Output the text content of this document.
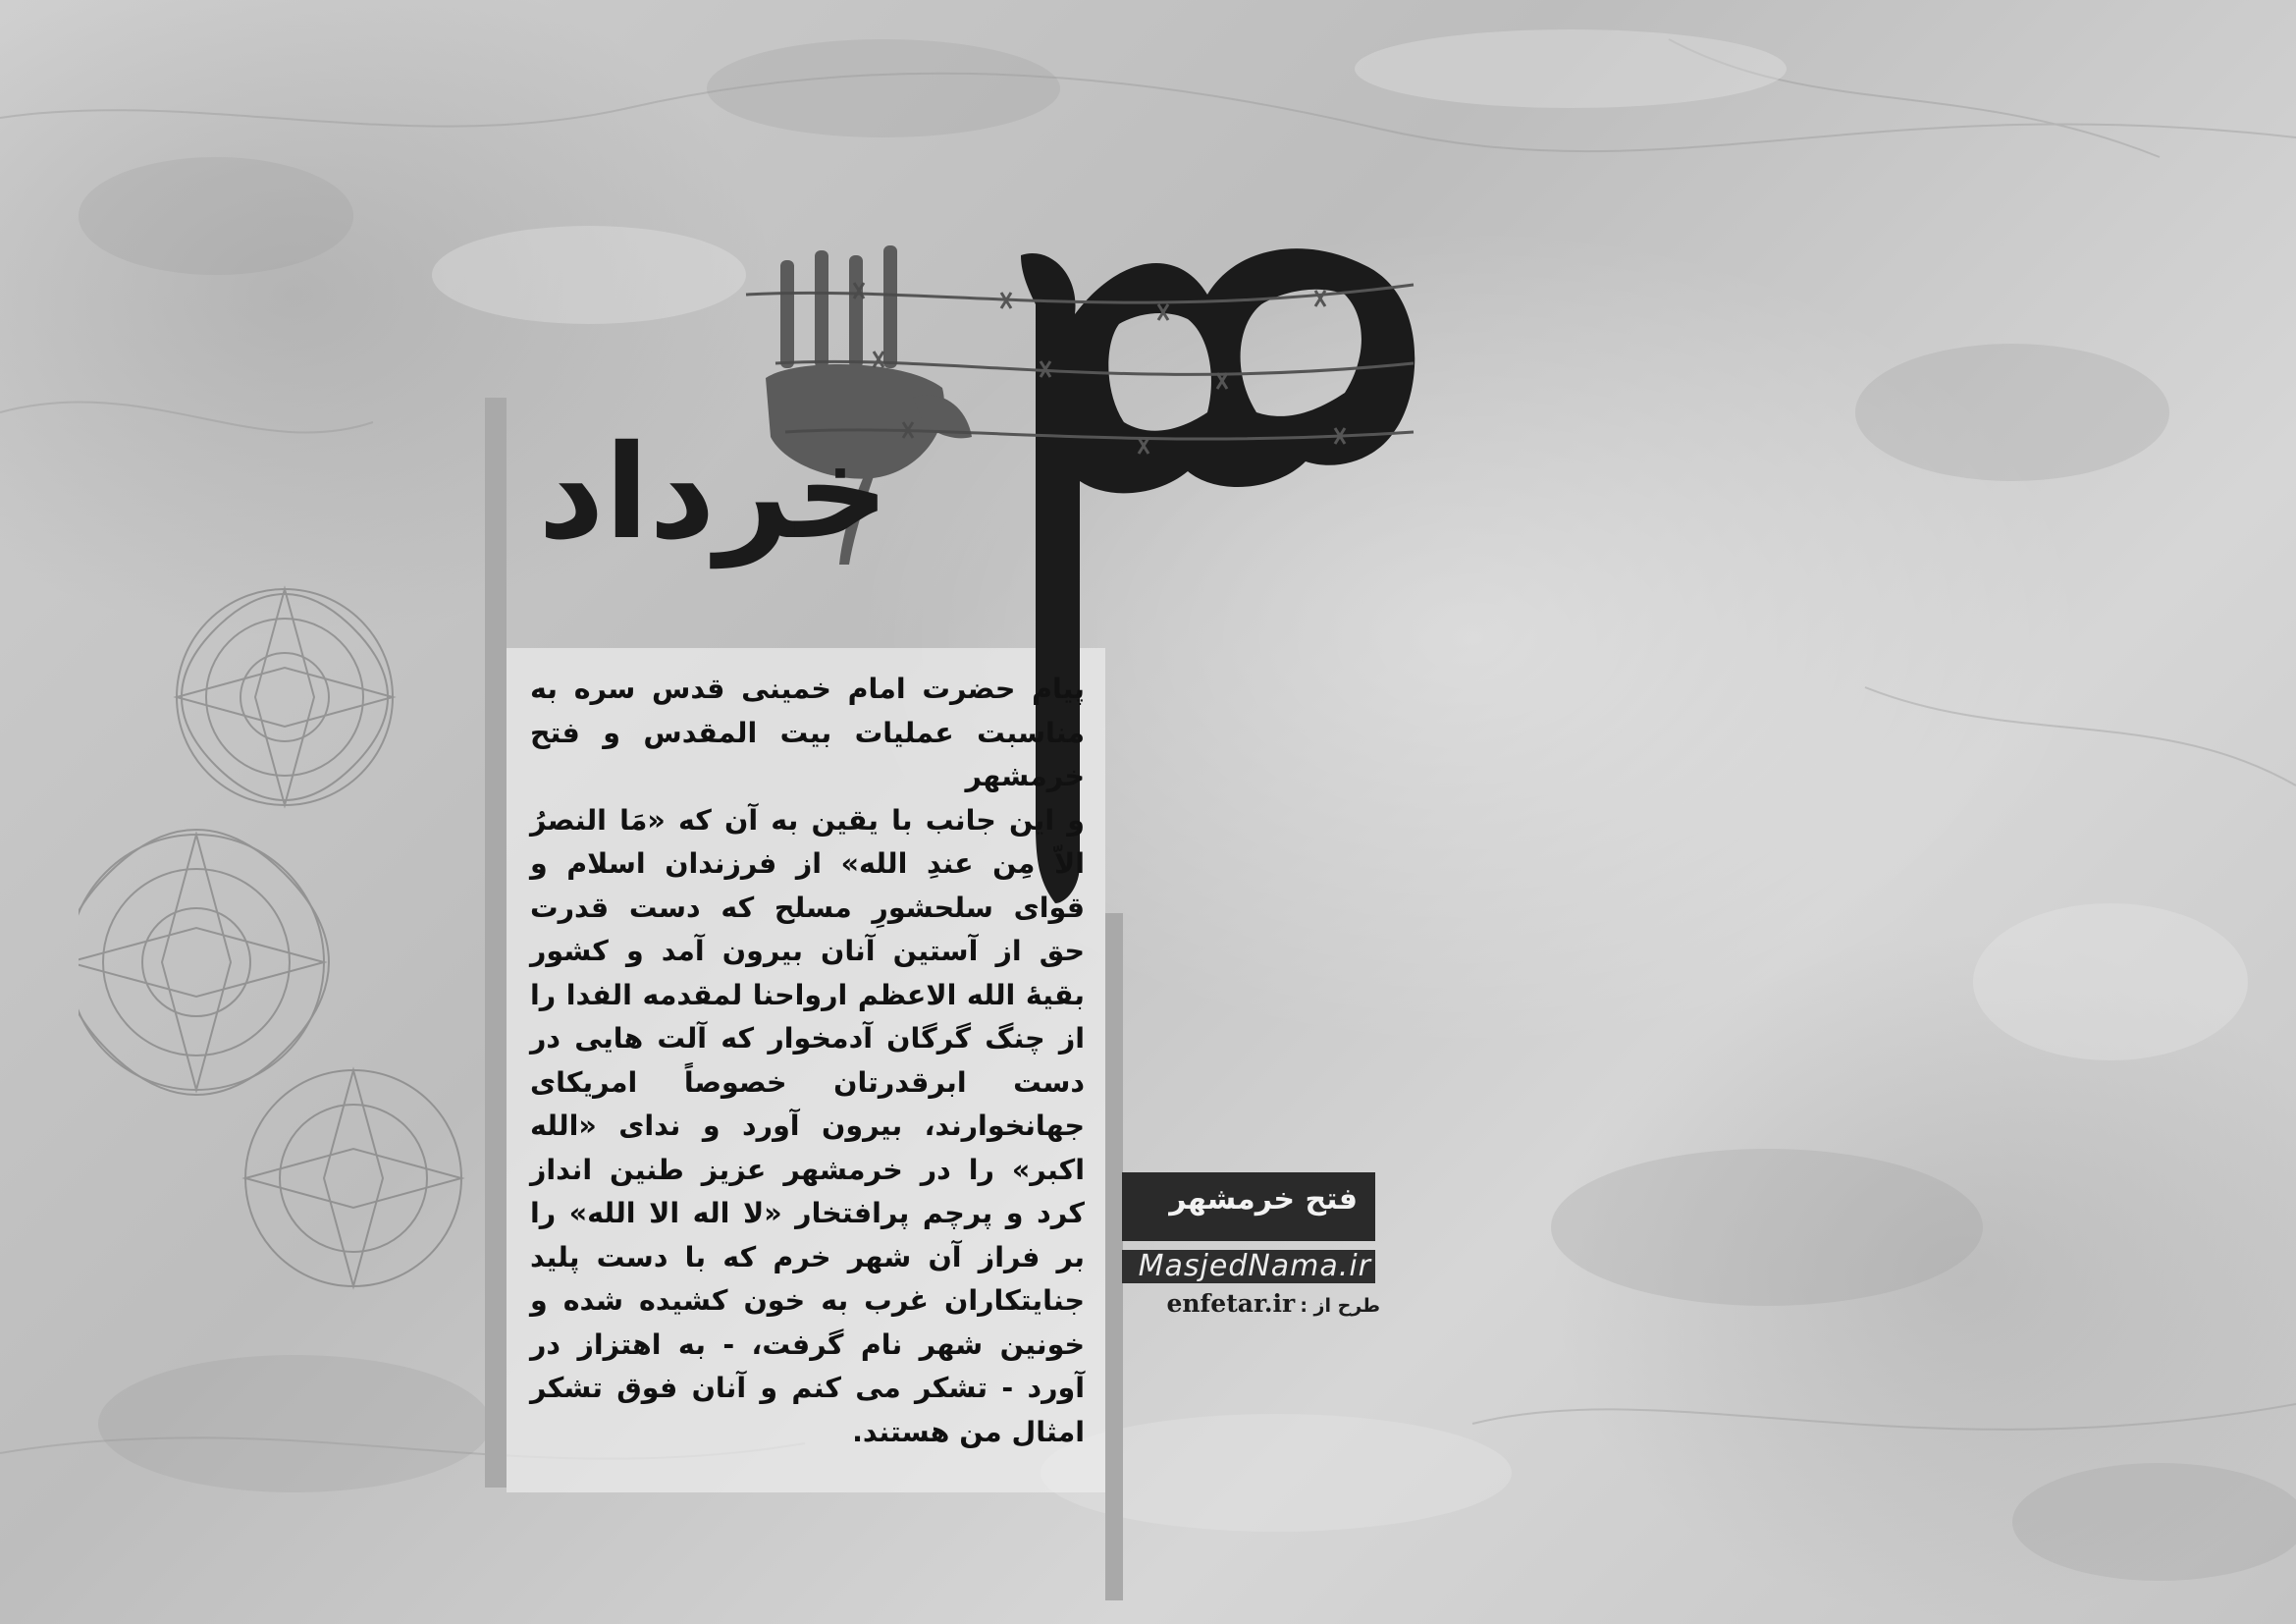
خرداد

پیام حضرت امام خمینی قدس سره به مناسبت عملیات بیت المقدس و فتح خرمشهر

و این جانب با یقین به آن که «مَا النصرُ الاّ مِن عندِ الله» از فرزندان اسلام و قوای سلحشورِ مسلح که دست قدرت حق از آستین آنان بیرون آمد و کشور بقیهٔ الله الاعظم ارواحنا لمقدمه الفدا را از چنگ گرگان آدمخوار که آلت هایی در دست ابرقدرتان خصوصاً امریکای جهانخوارند، بیرون آورد و ندای «الله اکبر» را در خرمشهر عزیز طنین انداز کرد و پرچم پرافتخار «لا اله الا الله» را بر فراز آن شهر خرم که با دست پلید جنایتکاران غرب به خون کشیده شده و خونین شهر نام گرفت، - به اهتزاز در آورد - تشکر می کنم و آنان فوق تشکر امثال من هستند.

فتح خرمشهر
MasjedNama.ir
طرح از : enfetar.ir
